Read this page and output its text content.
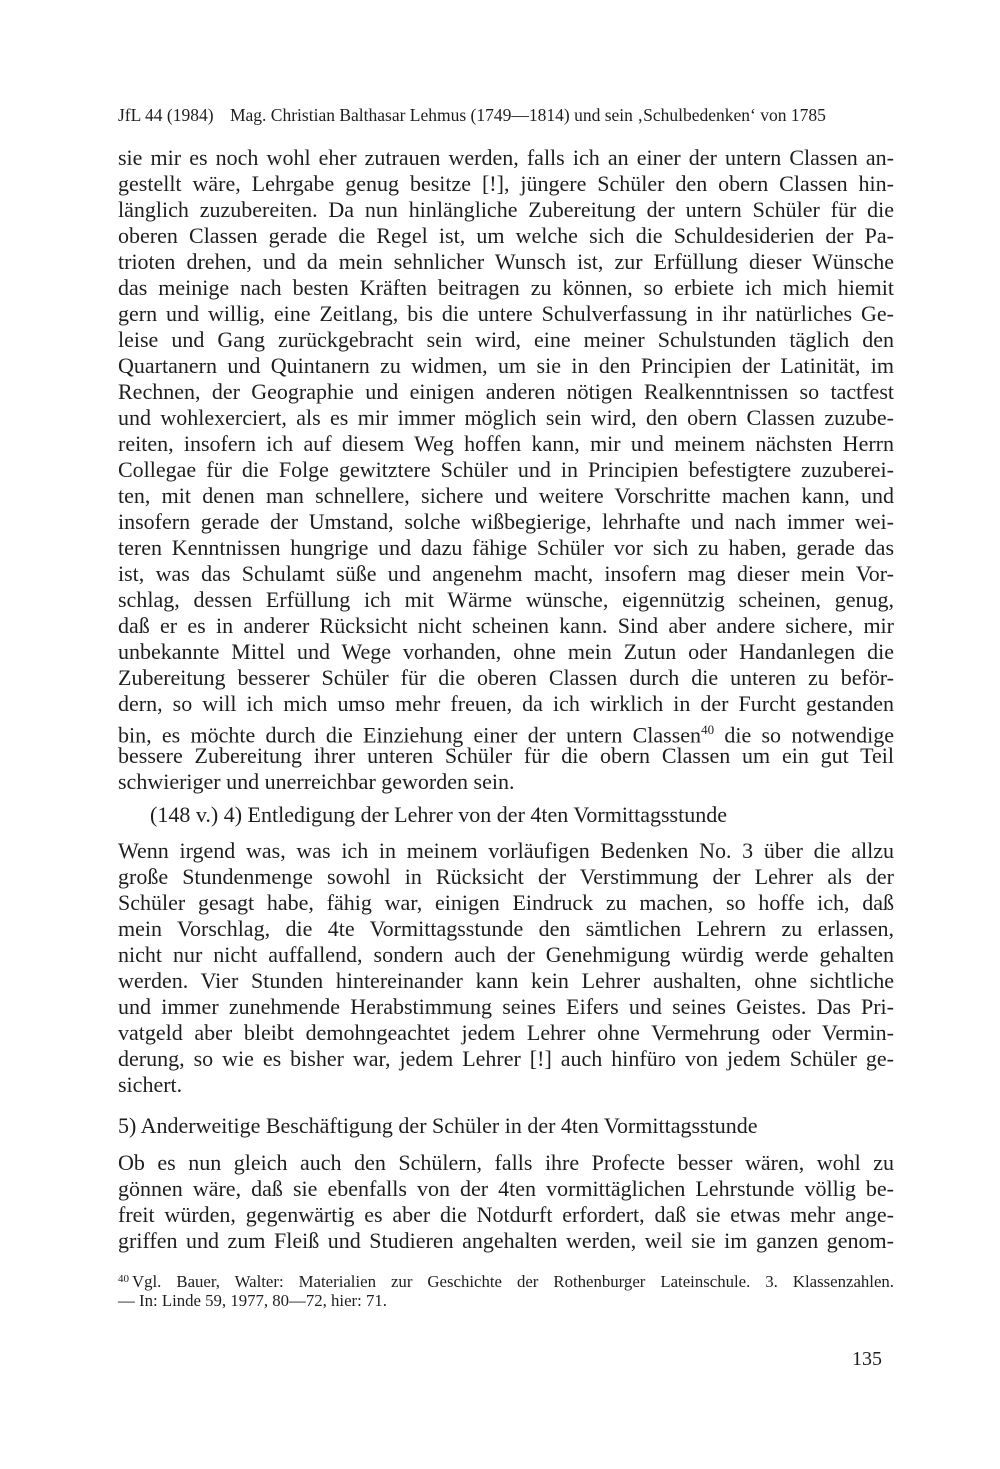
JfL 44 (1984) Mag. Christian Balthasar Lehmus (1749—1814) und sein ‚Schulbedenken‘ von 1785
sie mir es noch wohl eher zutrauen werden, falls ich an einer der untern Classen an-
gestellt wäre, Lehrgabe genug besitze [!], jüngere Schüler den obern Classen hin-
länglich zuzubereiten. Da nun hinlängliche Zubereitung der untern Schüler für die
oberen Classen gerade die Regel ist, um welche sich die Schuldesiderien der Pa-
trioten drehen, und da mein sehnlicher Wunsch ist, zur Erfüllung dieser Wünsche
das meinige nach besten Kräften beitragen zu können, so erbiete ich mich hiemit
gern und willig, eine Zeitlang, bis die untere Schulverfassung in ihr natürliches Ge-
leise und Gang zurückgebracht sein wird, eine meiner Schulstunden täglich den
Quartanern und Quintanern zu widmen, um sie in den Principien der Latinität, im
Rechnen, der Geographie und einigen anderen nötigen Realkenntnissen so tactfest
und wohlexerciert, als es mir immer möglich sein wird, den obern Classen zuzube-
reiten, insofern ich auf diesem Weg hoffen kann, mir und meinem nächsten Herrn
Collegae für die Folge gewitztere Schüler und in Principien befestigtere zuzuberei-
ten, mit denen man schnellere, sichere und weitere Vorschritte machen kann, und
insofern gerade der Umstand, solche wißbegierige, lehrhafte und nach immer wei-
teren Kenntnissen hungrige und dazu fähige Schüler vor sich zu haben, gerade das
ist, was das Schulamt süße und angenehm macht, insofern mag dieser mein Vor-
schlag, dessen Erfüllung ich mit Wärme wünsche, eigennützig scheinen, genug,
daß er es in anderer Rücksicht nicht scheinen kann. Sind aber andere sichere, mir
unbekannte Mittel und Wege vorhanden, ohne mein Zutun oder Handanlegen die
Zubereitung besserer Schüler für die oberen Classen durch die unteren zu beför-
dern, so will ich mich umso mehr freuen, da ich wirklich in der Furcht gestanden
bin, es möchte durch die Einziehung einer der untern Classen$^{40}$ die so notwendige
bessere Zubereitung ihrer unteren Schüler für die obern Classen um ein gut Teil
schwieriger und unerreichbar geworden sein.
(148 v.) 4) Entledigung der Lehrer von der 4ten Vormittagsstunde
Wenn irgend was, was ich in meinem vorläufigen Bedenken No. 3 über die allzu
große Stundenmenge sowohl in Rücksicht der Verstimmung der Lehrer als der
Schüler gesagt habe, fähig war, einigen Eindruck zu machen, so hoffe ich, daß
mein Vorschlag, die 4te Vormittagsstunde den sämtlichen Lehrern zu erlassen,
nicht nur nicht auffallend, sondern auch der Genehmigung würdig werde gehalten
werden. Vier Stunden hintereinander kann kein Lehrer aushalten, ohne sichtliche
und immer zunehmende Herabstimmung seines Eifers und seines Geistes. Das Pri-
vatgeld aber bleibt demohngeachtet jedem Lehrer ohne Vermehrung oder Vermin-
derung, so wie es bisher war, jedem Lehrer [!] auch hinfüro von jedem Schüler ge-
sichert.
5) Anderweitige Beschäftigung der Schüler in der 4ten Vormittagsstunde
Ob es nun gleich auch den Schülern, falls ihre Profecte besser wären, wohl zu
gönnen wäre, daß sie ebenfalls von der 4ten vormittäglichen Lehrstunde völlig be-
freit würden, gegenwärtig es aber die Notdurft erfordert, daß sie etwas mehr ange-
griffen und zum Fleiß und Studieren angehalten werden, weil sie im ganzen genom-
$^{40}$ Vgl. Bauer, Walter: Materialien zur Geschichte der Rothenburger Lateinschule. 3. Klassenzahlen.
— In: Linde 59, 1977, 80—72, hier: 71.
135
